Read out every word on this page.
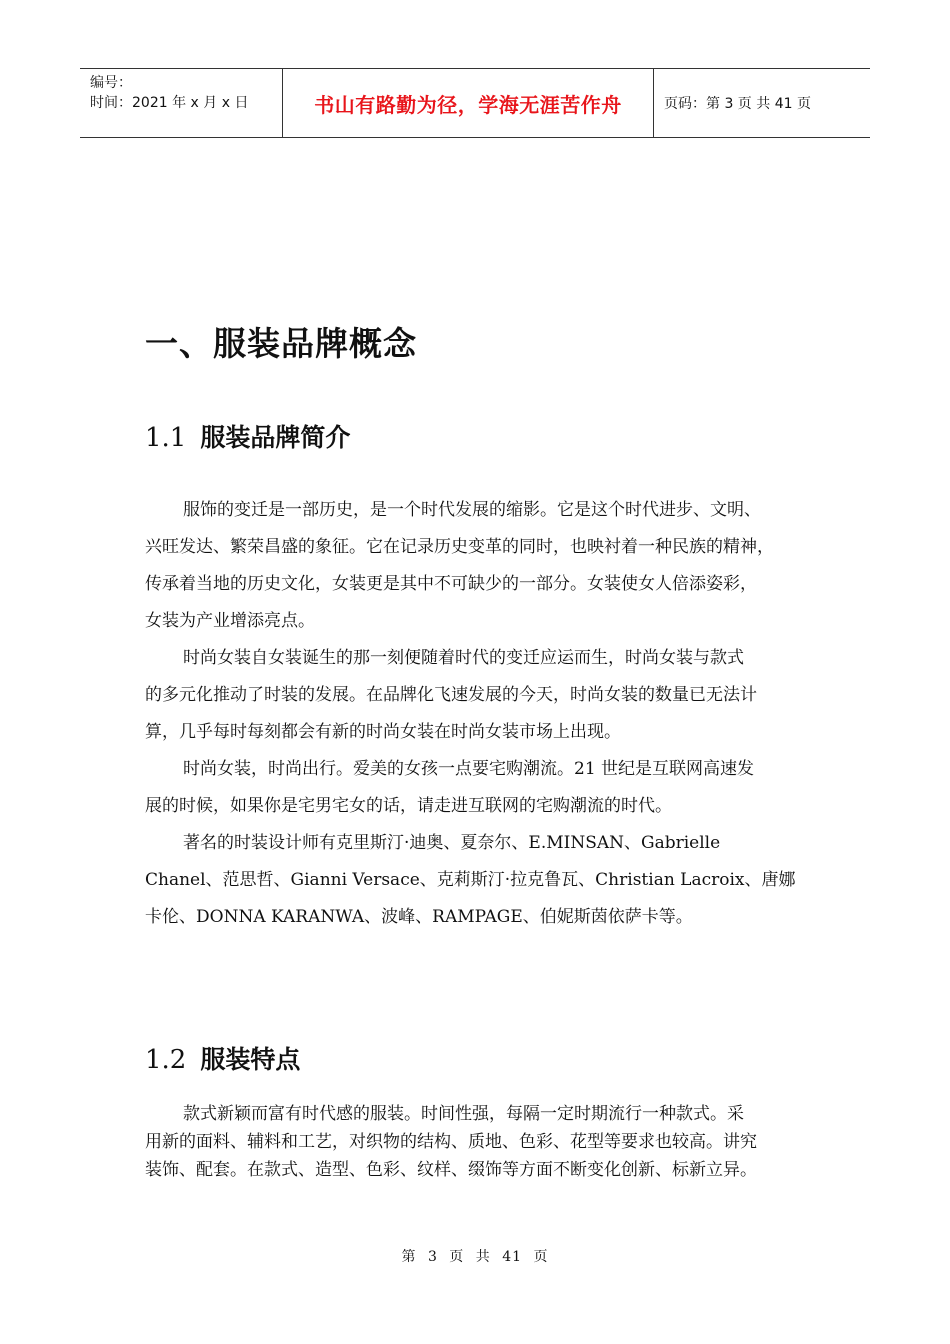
编号：
时间：2021 年 x 月 x 日	书山有路勤为径，学海无涯苦作舟	页码：第 3 页 共 41 页
一、服装品牌概念
1.1 服装品牌简介
服饰的变迁是一部历史，是一个时代发展的缩影。它是这个时代进步、文明、
兴旺发达、繁荣昌盛的象征。它在记录历史变革的同时，也映衬着一种民族的精神，
传承着当地的历史文化，女装更是其中不可缺少的一部分。女装使女人倍添姿彩，
女装为产业增添亮点。
时尚女装自女装诞生的那一刻便随着时代的变迁应运而生，时尚女装与款式
的多元化推动了时装的发展。在品牌化飞速发展的今天，时尚女装的数量已无法计
算，几乎每时每刻都会有新的时尚女装在时尚女装市场上出现。
时尚女装，时尚出行。爱美的女孩一点要宅购潮流。21 世纪是互联网高速发
展的时候，如果你是宅男宅女的话，请走进互联网的宅购潮流的时代。
著名的时装设计师有克里斯汀·迪奥、夏奈尔、E.MINSAN、Gabrielle
Chanel、范思哲、Gianni Versace、克莉斯汀·拉克鲁瓦、Christian Lacroix、唐娜
卡伦、DONNA KARANWA、波峰、RAMPAGE、伯妮斯茵依萨卡等。
1.2 服装特点
款式新颖而富有时代感的服装。时间性强，每隔一定时期流行一种款式。采
用新的面料、辅料和工艺，对织物的结构、质地、色彩、花型等要求也较高。讲究
装饰、配套。在款式、造型、色彩、纹样、缀饰等方面不断变化创新、标新立异。
第 3 页 共 41 页
